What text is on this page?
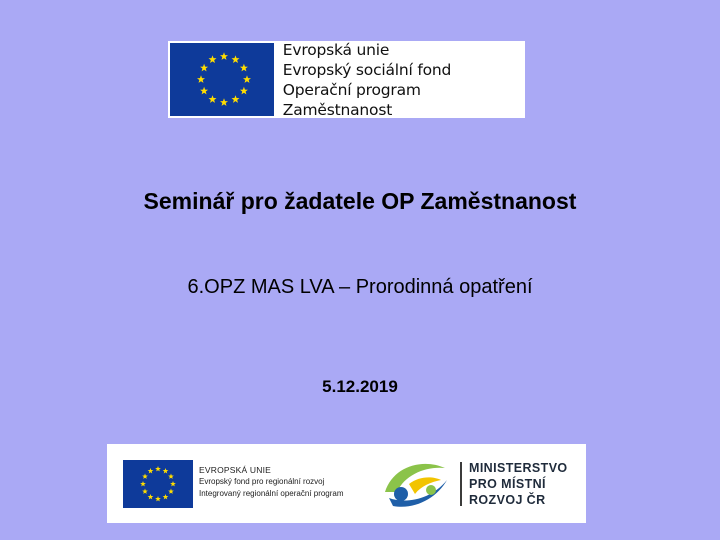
Evropská unie
Evropský sociální fond
Operační program Zaměstnanost
Seminář pro žadatele OP Zaměstnanost
6.OPZ MAS LVA – Prorodinná opatření
5.12.2019
EVROPSKÁ UNIE
Evropský fond pro regionální rozvoj
Integrovaný regionální operační program
MINISTERSTVO
PRO MÍSTNÍ
ROZVOJ ČR
